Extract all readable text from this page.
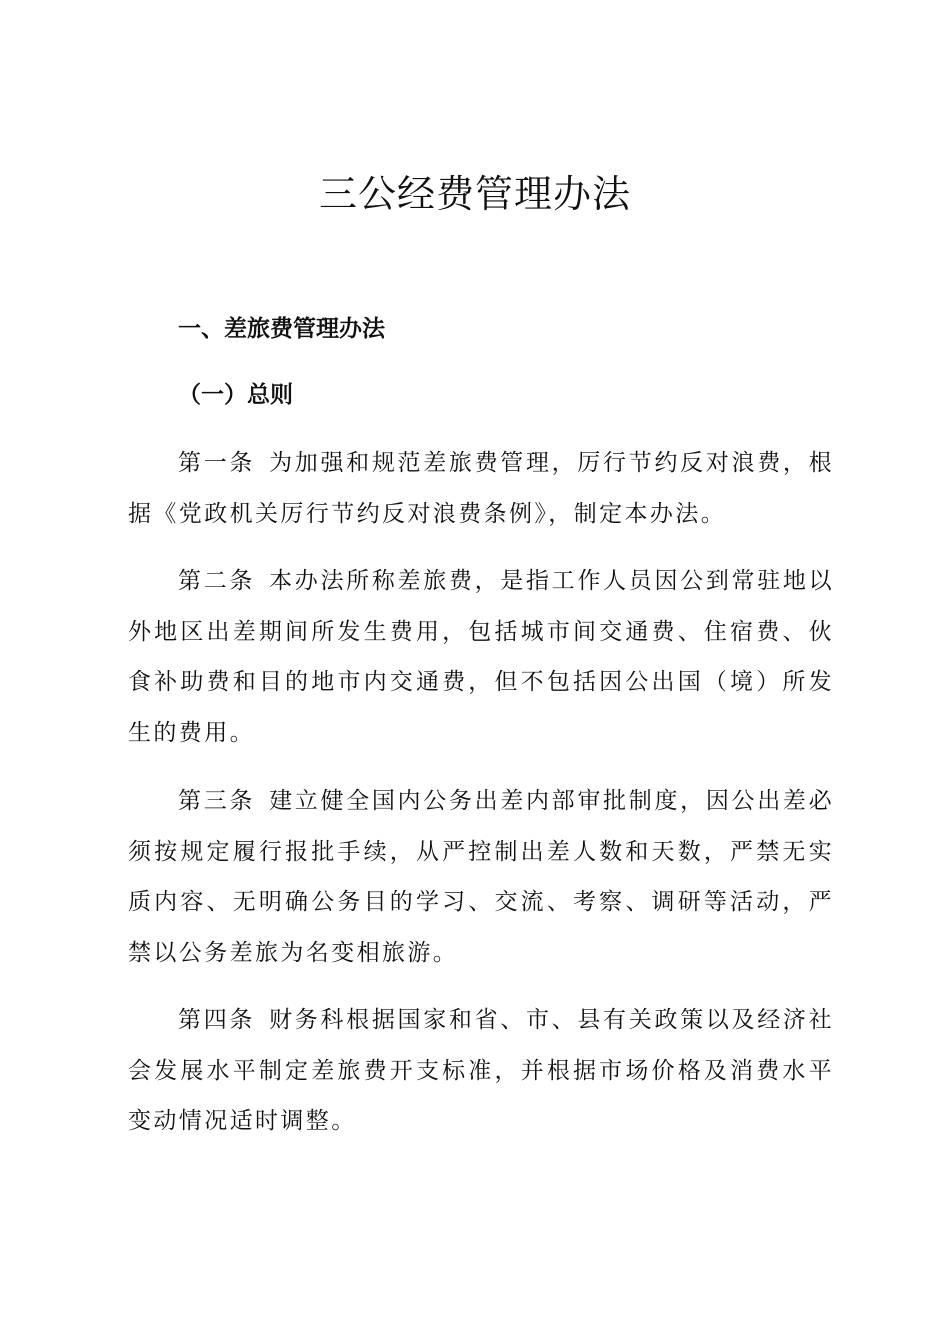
三公经费管理办法
一、差旅费管理办法
（一）总则

第一条 为加强和规范差旅费管理，厉行节约反对浪费，根据《党政机关厉行节约反对浪费条例》，制定本办法。

第二条 本办法所称差旅费，是指工作人员因公到常驻地以外地区出差期间所发生费用，包括城市间交通费、住宿费、伙食补助费和目的地市内交通费，但不包括因公出国（境）所发生的费用。

第三条 建立健全国内公务出差内部审批制度，因公出差必须按规定履行报批手续，从严控制出差人数和天数，严禁无实质内容、无明确公务目的学习、交流、考察、调研等活动，严禁以公务差旅为名变相旅游。

第四条 财务科根据国家和省、市、县有关政策以及经济社会发展水平制定差旅费开支标准，并根据市场价格及消费水平变动情况适时调整。
